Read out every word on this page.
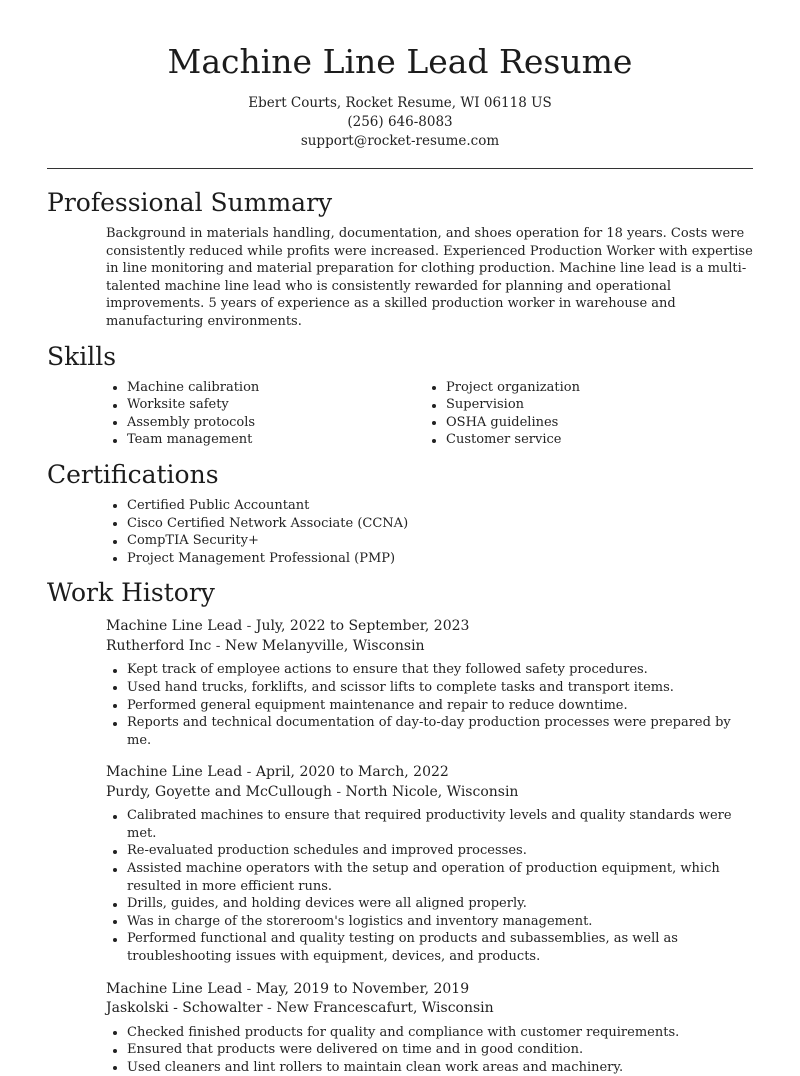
Machine Line Lead Resume
Ebert Courts, Rocket Resume, WI 06118 US
(256) 646-8083
support@rocket-resume.com
Professional Summary

Background in materials handling, documentation, and shoes operation for 18 years. Costs were consistently reduced while profits were increased. Experienced Production Worker with expertise in line monitoring and material preparation for clothing production. Machine line lead is a multi-talented machine line lead who is consistently rewarded for planning and operational improvements. 5 years of experience as a skilled production worker in warehouse and manufacturing environments.

Skills
Machine calibration
Worksite safety
Assembly protocols
Team management
Project organization
Supervision
OSHA guidelines
Customer service
Certifications
Certified Public Accountant
Cisco Certified Network Associate (CCNA)
CompTIA Security+
Project Management Professional (PMP)
Work History
Machine Line Lead - July, 2022 to September, 2023
Rutherford Inc - New Melanyville, Wisconsin
Kept track of employee actions to ensure that they followed safety procedures.
Used hand trucks, forklifts, and scissor lifts to complete tasks and transport items.
Performed general equipment maintenance and repair to reduce downtime.
Reports and technical documentation of day-to-day production processes were prepared by me.
Machine Line Lead - April, 2020 to March, 2022
Purdy, Goyette and McCullough - North Nicole, Wisconsin
Calibrated machines to ensure that required productivity levels and quality standards were met.
Re-evaluated production schedules and improved processes.
Assisted machine operators with the setup and operation of production equipment, which resulted in more efficient runs.
Drills, guides, and holding devices were all aligned properly.
Was in charge of the storeroom's logistics and inventory management.
Performed functional and quality testing on products and subassemblies, as well as troubleshooting issues with equipment, devices, and products.
Machine Line Lead - May, 2019 to November, 2019
Jaskolski - Schowalter - New Francescafurt, Wisconsin
Checked finished products for quality and compliance with customer requirements.
Ensured that products were delivered on time and in good condition.
Used cleaners and lint rollers to maintain clean work areas and machinery.
